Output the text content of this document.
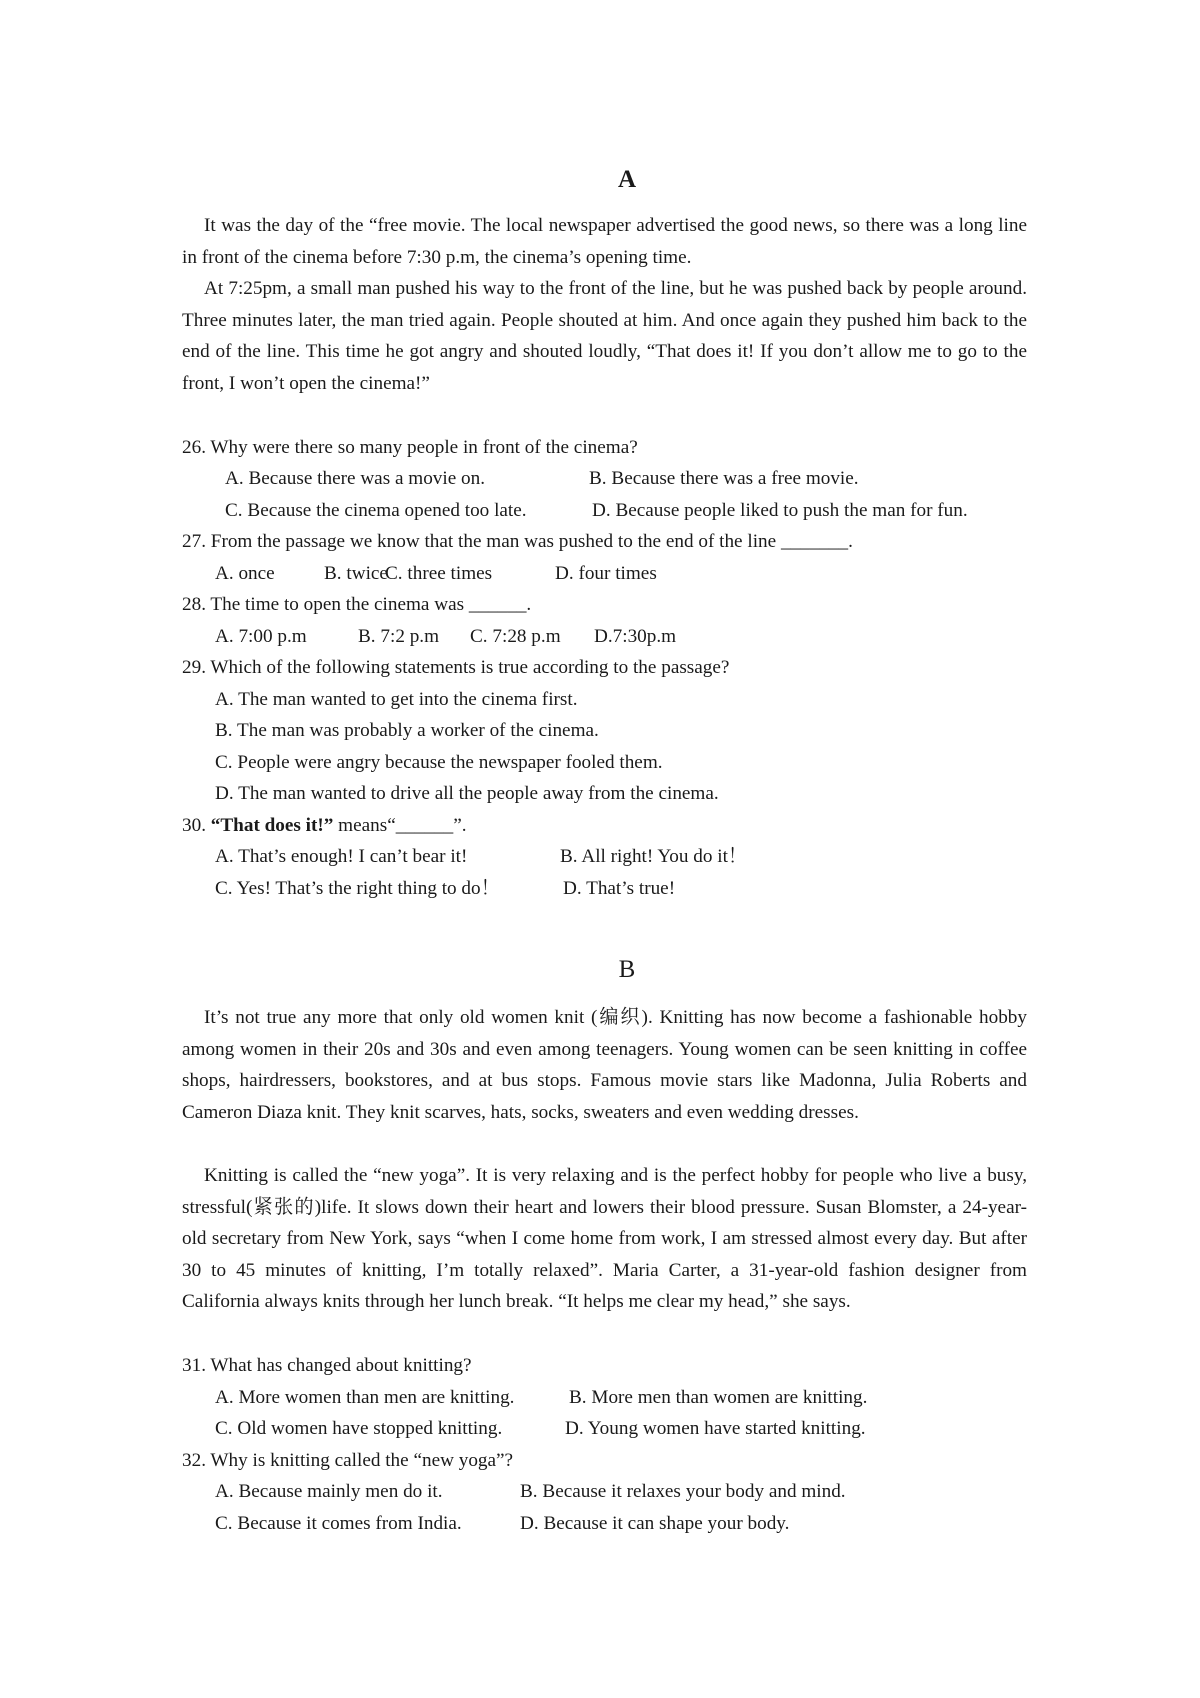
A
It was the day of the “free movie. The local newspaper advertised the good news, so there was a long line in front of the cinema before 7:30 p.m, the cinema’s opening time.
At 7:25pm, a small man pushed his way to the front of the line, but he was pushed back by people around. Three minutes later, the man tried again. People shouted at him. And once again they pushed him back to the end of the line. This time he got angry and shouted loudly, “That does it! If you don’t allow me to go to the front, I won’t open the cinema!”
26. Why were there so many people in front of the cinema?
A. Because there was a movie on.	B. Because there was a free movie.
C. Because the cinema opened too late.	D. Because people liked to push the man for fun.
27. From the passage we know that the man was pushed to the end of the line _______.
A. once	B. twice
C. three times	D. four times
28. The time to open the cinema was ______.
A. 7:00 p.m	B. 7:2 p.m C. 7:28 p.m D.7:30p.m
29. Which of the following statements is true according to the passage?
A. The man wanted to get into the cinema first.
B. The man was probably a worker of the cinema.
C. People were angry because the newspaper fooled them.
D. The man wanted to drive all the people away from the cinema.
30. “That does it!” means“______”.
A. That’s enough! I can’t bear it!	B. All right! You do it！
C. Yes! That’s the right thing to do！	D. That’s true!
B
It’s not true any more that only old women knit (编织). Knitting has now become a fashionable hobby among women in their 20s and 30s and even among teenagers. Young women can be seen knitting in coffee shops, hairdressers, bookstores, and at bus stops. Famous movie stars like Madonna, Julia Roberts and Cameron Diaza knit. They knit scarves, hats, socks, sweaters and even wedding dresses.
Knitting is called the “new yoga”. It is very relaxing and is the perfect hobby for people who live a busy, stressful(紧张的)life. It slows down their heart and lowers their blood pressure. Susan Blomster, a 24-year-old secretary from New York, says “when I come home from work, I am stressed almost every day. But after 30 to 45 minutes of knitting, I’m totally relaxed”. Maria Carter, a 31-year-old fashion designer from California always knits through her lunch break. “It helps me clear my head,” she says.
31. What has changed about knitting?
A. More women than men are knitting.	B. More men than women are knitting.
C. Old women have stopped knitting.	D. Young women have started knitting.
32. Why is knitting called the “new yoga”?
A. Because mainly men do it.	B. Because it relaxes your body and mind.
C. Because it comes from India.	D. Because it can shape your body.
